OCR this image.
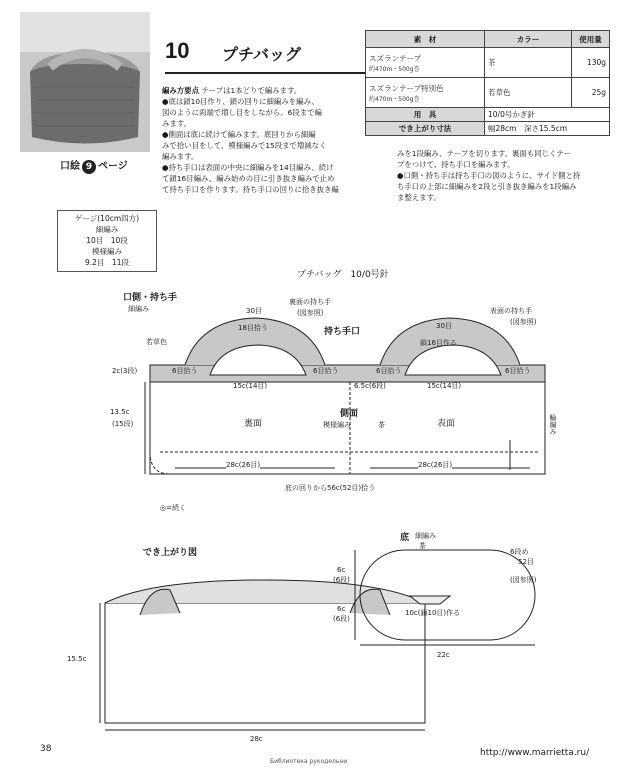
10 プチバッグ
編み方要点 テープは1本どりで編みます。
●底は鎖10目作り、鎖の回りに細編みを編み、
図のように両端で増し目をしながら、6段まで編
みます。
●側面は底に続けて編みます。底回りから細編
みで拾い目をして、模様編みで15段まで増減なく
編みます。
●持ち手口は表面の中央に細編みを14目編み、続け
て鎖16目編み、編み始めの目に引き抜き編みで止め
て持ち手口を作ります。持ち手口の回りに拾き抜き編
みを1段編み、テープを切ります。裏面も同じくテー
プをつけて、持ち手口を編みます。
●口側・持ち手は持ち手口の図のように、サイド側と持
ち手口の上部に細編みを2段と引き抜き編みを1段編み
ま整えます。
口絵 9 ページ
ゲージ(10cm四方)
細編み
10目　10段
模様編み
9.2目　11段
素　材	カラー	使用量
スズランテープ
約470m・500g巻	茶	130g
スズランテープ特別色
約470m・500g巻	若草色	25g
用　具	10/0号かぎ針	
でき上がり寸法	幅28cm　深さ15.5cm	
プチバッグ　10/0号針
口側・持ち手
細編み
若草色
裏面の持ち手
(図参照)	表面の持ち手
(図参照)
持ち手口
30目
30目
18目拾う
鎖16目作る
6目拾う	6目拾う	6目拾う	6目拾う
15c(14目)	15c(14目)
2c(3段)
6.5c(6段)
13.5c
(15段)	裏面	表面
側面
模様編み	茶	輪編み
28c(26目)	28c(26目)
底の回りから56c(52目)拾う
◎=続く
でき上がり図
15.5c
28c
底 細編み
茶
6段め
52目
(図参照)
6c
(6段)
6c
(6段)
10c(鎖10目)作る
22c
38
Библиотека рукодельни
http://www.marrietta.ru/
